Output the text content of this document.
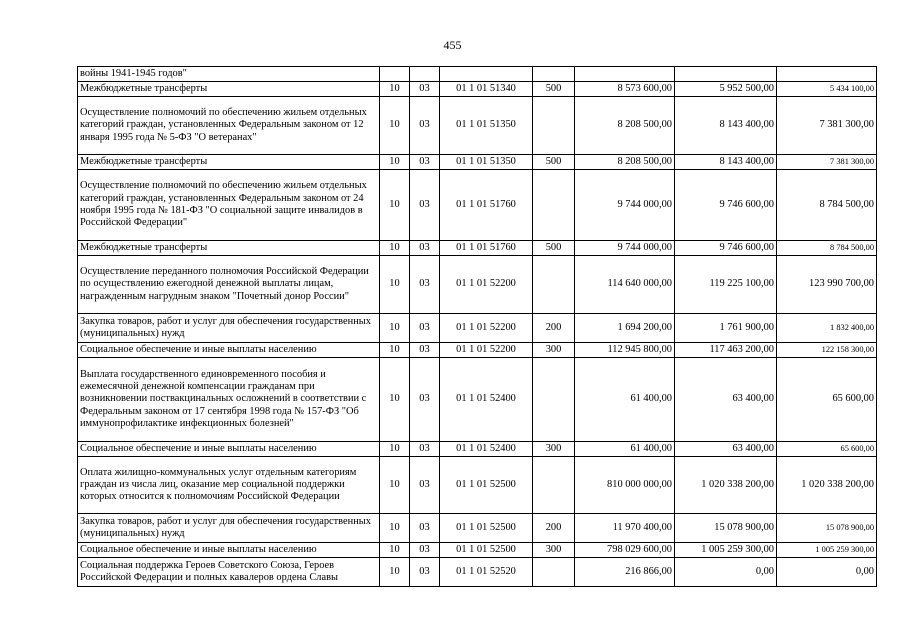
455
войны 1941-1945 годов"							
Межбюджетные трансферты	10	03	01 1 01 51340	500	8 573 600,00	5 952 500,00	5 434 100,00
Осуществление полномочий по обеспечению жильем отдельных категорий граждан, установленных Федеральным законом от 12 января 1995 года № 5-ФЗ "О ветеранах"	10	03	01 1 01 51350		8 208 500,00	8 143 400,00	7 381 300,00
Межбюджетные трансферты	10	03	01 1 01 51350	500	8 208 500,00	8 143 400,00	7 381 300,00
Осуществление полномочий по обеспечению жильем отдельных категорий граждан, установленных Федеральным законом от 24 ноября 1995 года № 181-ФЗ "О социальной защите инвалидов в Российской Федерации"	10	03	01 1 01 51760		9 744 000,00	9 746 600,00	8 784 500,00
Межбюджетные трансферты	10	03	01 1 01 51760	500	9 744 000,00	9 746 600,00	8 784 500,00
Осуществление переданного полномочия Российской Федерации по осуществлению ежегодной денежной выплаты лицам, награжденным нагрудным знаком "Почетный донор России"	10	03	01 1 01 52200		114 640 000,00	119 225 100,00	123 990 700,00
Закупка товаров, работ и услуг для обеспечения государственных (муниципальных) нужд	10	03	01 1 01 52200	200	1 694 200,00	1 761 900,00	1 832 400,00
Социальное обеспечение и иные выплаты населению	10	03	01 1 01 52200	300	112 945 800,00	117 463 200,00	122 158 300,00
Выплата государственного единовременного пособия и ежемесячной денежной компенсации гражданам при возникновении поствакцинальных осложнений в соответствии с Федеральным законом от 17 сентября 1998 года № 157-ФЗ "Об иммунопрофилактике инфекционных болезней"	10	03	01 1 01 52400		61 400,00	63 400,00	65 600,00
Социальное обеспечение и иные выплаты населению	10	03	01 1 01 52400	300	61 400,00	63 400,00	65 600,00
Оплата жилищно-коммунальных услуг отдельным категориям граждан из числа лиц, оказание мер социальной поддержки которых относится к полномочиям Российской Федерации	10	03	01 1 01 52500		810 000 000,00	1 020 338 200,00	1 020 338 200,00
Закупка товаров, работ и услуг для обеспечения государственных (муниципальных) нужд	10	03	01 1 01 52500	200	11 970 400,00	15 078 900,00	15 078 900,00
Социальное обеспечение и иные выплаты населению	10	03	01 1 01 52500	300	798 029 600,00	1 005 259 300,00	1 005 259 300,00
Социальная поддержка Героев Советского Союза, Героев Российской Федерации и полных кавалеров ордена Славы	10	03	01 1 01 52520		216 866,00	0,00	0,00
